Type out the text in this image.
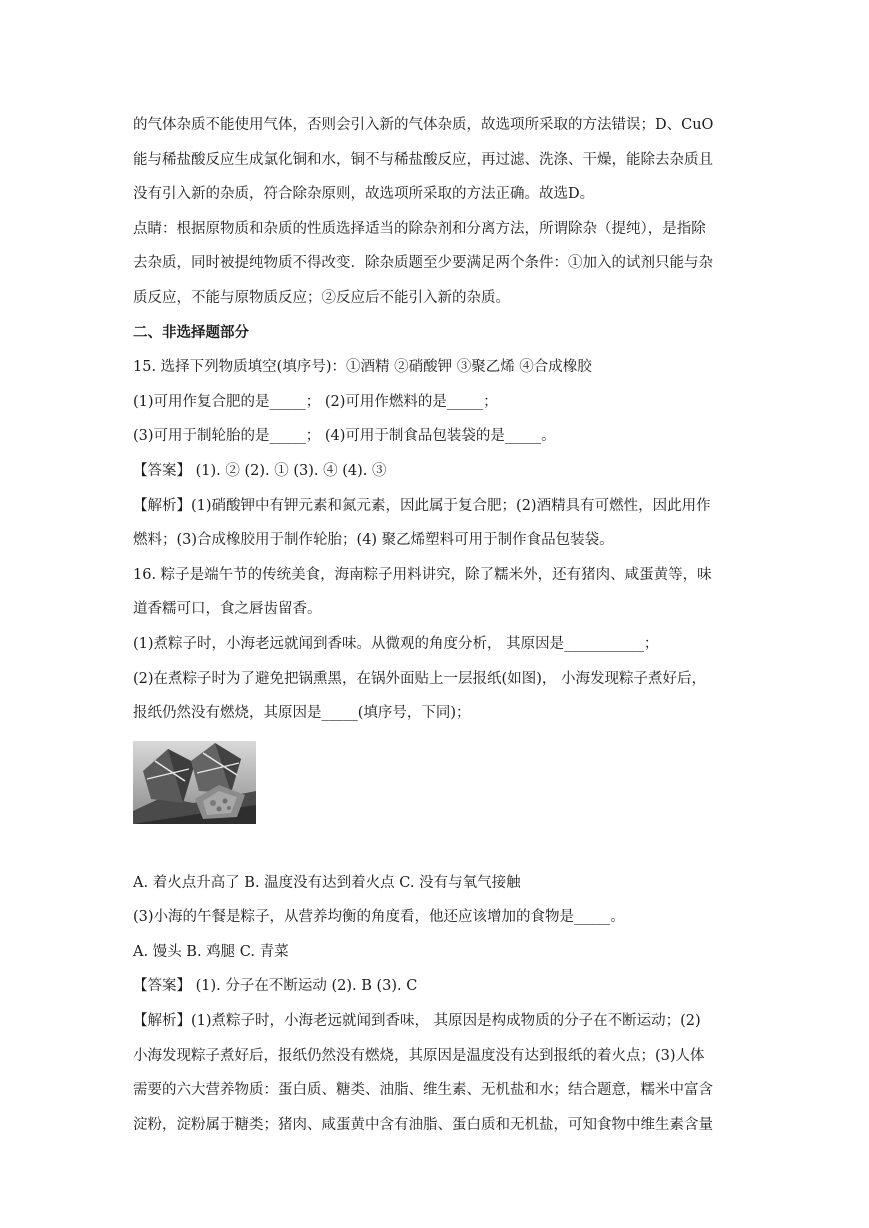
的气体杂质不能使用气体，否则会引入新的气体杂质，故选项所采取的方法错误；D、CuO
能与稀盐酸反应生成氯化铜和水，铜不与稀盐酸反应，再过滤、洗涤、干燥，能除去杂质且
没有引入新的杂质，符合除杂原则，故选项所采取的方法正确。故选D。
点睛：根据原物质和杂质的性质选择适当的除杂剂和分离方法，所谓除杂（提纯），是指除
去杂质，同时被提纯物质不得改变．除杂质题至少要满足两个条件：①加入的试剂只能与杂
质反应，不能与原物质反应；②反应后不能引入新的杂质。
二、非选择题部分
15. 选择下列物质填空(填序号)：①酒精 ②硝酸钾 ③聚乙烯 ④合成橡胶
(1)可用作复合肥的是_____； (2)可用作燃料的是_____；
(3)可用于制轮胎的是_____； (4)可用于制食品包装袋的是_____。
【答案】 (1). ② (2). ① (3). ④ (4). ③
【解析】(1)硝酸钾中有钾元素和氮元素，因此属于复合肥；(2)酒精具有可燃性，因此用作
燃料；(3)合成橡胶用于制作轮胎；(4) 聚乙烯塑料可用于制作食品包装袋。
16. 粽子是端午节的传统美食，海南粽子用料讲究，除了糯米外，还有猪肉、咸蛋黄等，味
道香糯可口，食之唇齿留香。
(1)煮粽子时，小海老远就闻到香味。从微观的角度分析， 其原因是___________；
(2)在煮粽子时为了避免把锅熏黑，在锅外面贴上一层报纸(如图)， 小海发现粽子煮好后，
报纸仍然没有燃烧，其原因是_____(填序号，下同)；
A. 着火点升高了 B. 温度没有达到着火点 C. 没有与氧气接触
(3)小海的午餐是粽子，从营养均衡的角度看，他还应该增加的食物是_____。
A. 馒头 B. 鸡腿 C. 青菜
【答案】 (1). 分子在不断运动 (2). B (3). C
【解析】(1)煮粽子时，小海老远就闻到香味， 其原因是构成物质的分子在不断运动；(2)
小海发现粽子煮好后，报纸仍然没有燃烧，其原因是温度没有达到报纸的着火点；(3)人体
需要的六大营养物质：蛋白质、糖类、油脂、维生素、无机盐和水；结合题意，糯米中富含
淀粉，淀粉属于糖类；猪肉、咸蛋黄中含有油脂、蛋白质和无机盐，可知食物中维生素含量
